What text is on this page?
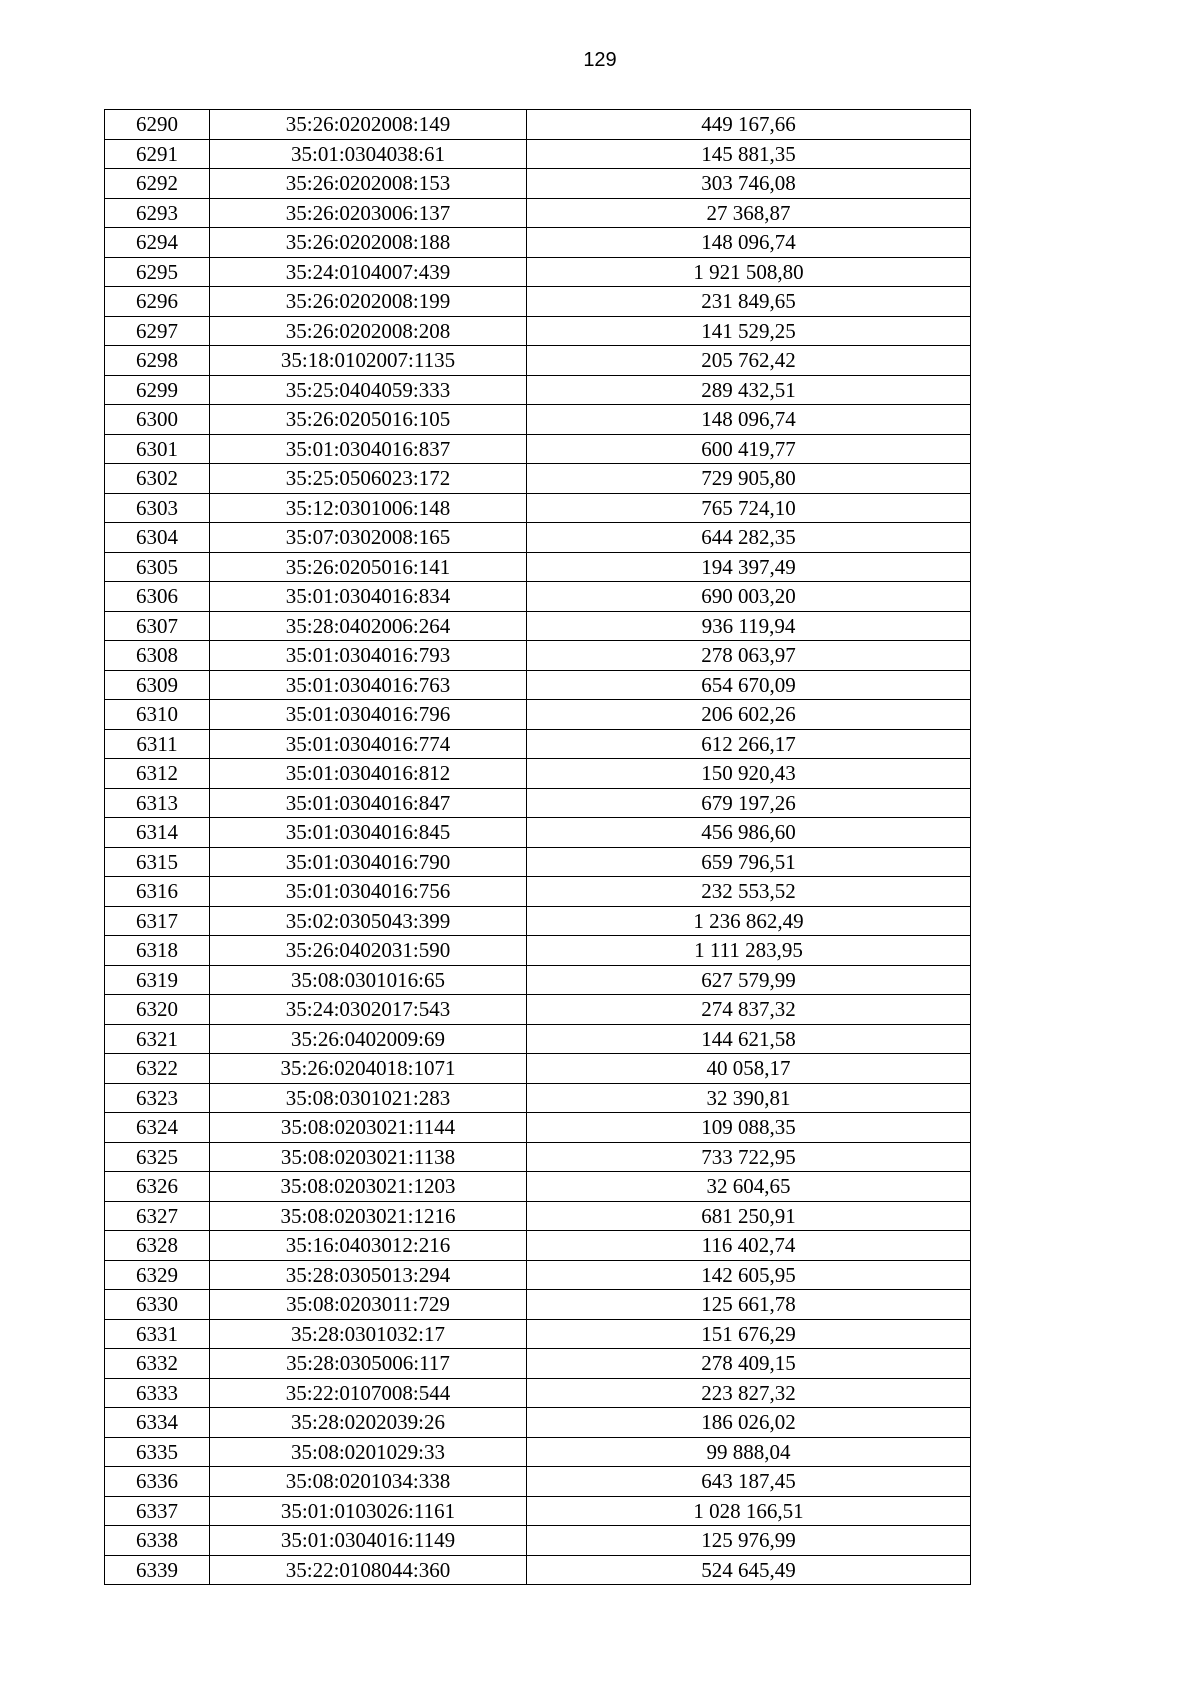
129
6290	35:26:0202008:149	449 167,66
6291	35:01:0304038:61	145 881,35
6292	35:26:0202008:153	303 746,08
6293	35:26:0203006:137	27 368,87
6294	35:26:0202008:188	148 096,74
6295	35:24:0104007:439	1 921 508,80
6296	35:26:0202008:199	231 849,65
6297	35:26:0202008:208	141 529,25
6298	35:18:0102007:1135	205 762,42
6299	35:25:0404059:333	289 432,51
6300	35:26:0205016:105	148 096,74
6301	35:01:0304016:837	600 419,77
6302	35:25:0506023:172	729 905,80
6303	35:12:0301006:148	765 724,10
6304	35:07:0302008:165	644 282,35
6305	35:26:0205016:141	194 397,49
6306	35:01:0304016:834	690 003,20
6307	35:28:0402006:264	936 119,94
6308	35:01:0304016:793	278 063,97
6309	35:01:0304016:763	654 670,09
6310	35:01:0304016:796	206 602,26
6311	35:01:0304016:774	612 266,17
6312	35:01:0304016:812	150 920,43
6313	35:01:0304016:847	679 197,26
6314	35:01:0304016:845	456 986,60
6315	35:01:0304016:790	659 796,51
6316	35:01:0304016:756	232 553,52
6317	35:02:0305043:399	1 236 862,49
6318	35:26:0402031:590	1 111 283,95
6319	35:08:0301016:65	627 579,99
6320	35:24:0302017:543	274 837,32
6321	35:26:0402009:69	144 621,58
6322	35:26:0204018:1071	40 058,17
6323	35:08:0301021:283	32 390,81
6324	35:08:0203021:1144	109 088,35
6325	35:08:0203021:1138	733 722,95
6326	35:08:0203021:1203	32 604,65
6327	35:08:0203021:1216	681 250,91
6328	35:16:0403012:216	116 402,74
6329	35:28:0305013:294	142 605,95
6330	35:08:0203011:729	125 661,78
6331	35:28:0301032:17	151 676,29
6332	35:28:0305006:117	278 409,15
6333	35:22:0107008:544	223 827,32
6334	35:28:0202039:26	186 026,02
6335	35:08:0201029:33	99 888,04
6336	35:08:0201034:338	643 187,45
6337	35:01:0103026:1161	1 028 166,51
6338	35:01:0304016:1149	125 976,99
6339	35:22:0108044:360	524 645,49
